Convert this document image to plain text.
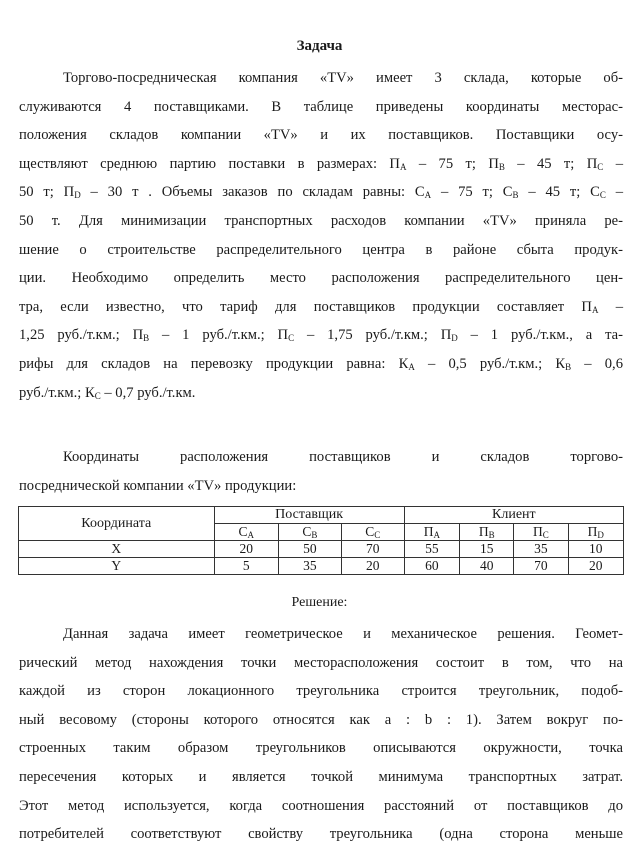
Задача
Торгово-посредническая компания «TV» имеет 3 склада, которые об-
служиваются 4 поставщиками. В таблице приведены координаты месторас-
положения складов компании «TV» и их поставщиков. Поставщики осу-
ществляют среднюю партию поставки в размерах: $П_A - 75$ т; $П_B - 45$ т; $П_C$ –
50 т; $П_D - 30$ т . Объемы заказов по складам равны: $С_A - 75$ т; $С_B - 45$ т; $С_C$ –
50 т. Для минимизации транспортных расходов компании «TV» приняла ре-
шение о строительстве распределительного центра в районе сбыта продук-
ции. Необходимо определить место расположения распределительного цен-
тра, если известно, что тариф для поставщиков продукции составляет $П_A$ –
1,25 руб./т.км.; $П_B - 1$ руб./т.км.; $П_C - 1,75$ руб./т.км.; $П_D - 1$ руб./т.км., а та-
рифы для складов на перевозку продукции равна: $К_A - 0,5$ руб./т.км.; $К_B - 0,6$
руб./т.км.; $К_C - 0,7$ руб./т.км.
Координаты расположения поставщиков и складов торгово-
посреднической компании «TV» продукции:
Координата	Поставщик			Клиент			
	$С_A$	$С_B$	$С_C$	$П_A$	$П_B$	$П_C$	$П_D$
X	20	50	70	55	15	35	10
Y	5	35	20	60	40	70	20
Решение:
Данная задача имеет геометрическое и механическое решения. Геомет-
рический метод нахождения точки месторасположения состоит в том, что на
каждой из сторон локационного треугольника строится треугольник, подоб-
ный весовому (стороны которого относятся как a : b : 1). Затем вокруг по-
строенных таким образом треугольников описываются окружности, точка
пересечения которых и является точкой минимума транспортных затрат.
Этот метод используется, когда соотношения расстояний от поставщиков до
потребителей соответствуют свойству треугольника (одна сторона меньше
